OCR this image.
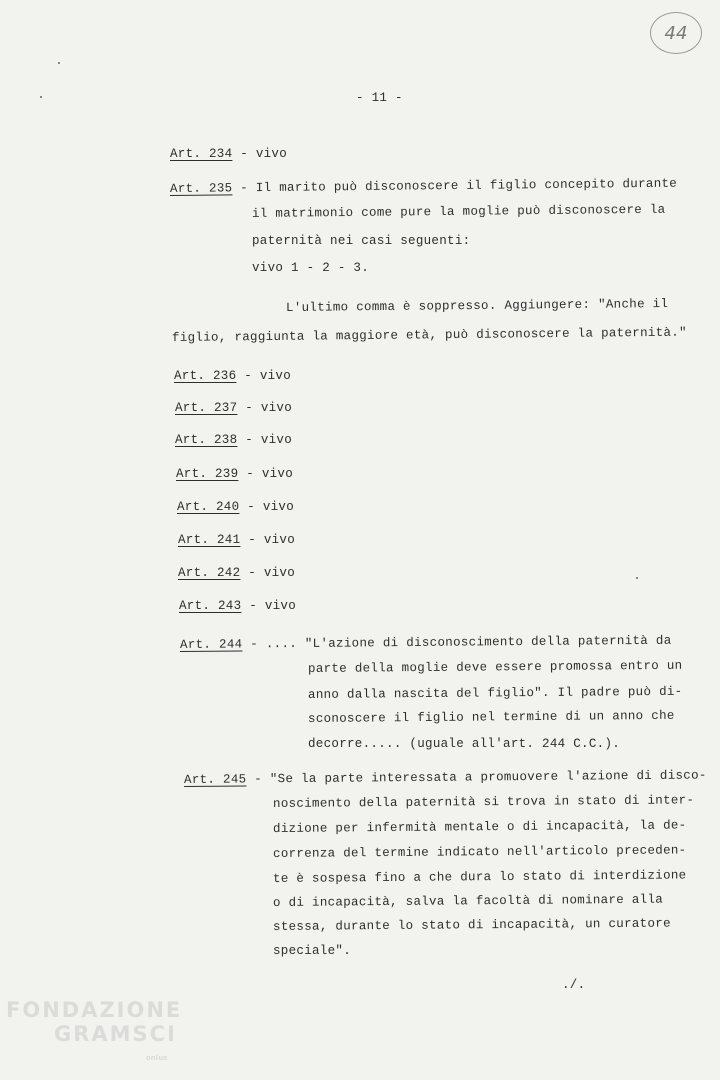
44
- 11 -
Art. 234 - vivo
Art. 235 - Il marito può disconoscere il figlio concepito durante
il matrimonio come pure la moglie può disconoscere la
paternità nei casi seguenti:
vivo 1 - 2 - 3.
L'ultimo comma è soppresso. Aggiungere: "Anche il
figlio, raggiunta la maggiore età, può disconoscere la paternità."
Art. 236 - vivo
Art. 237 - vivo
Art. 238 - vivo
Art. 239 - vivo
Art. 240 - vivo
Art. 241 - vivo
Art. 242 - vivo
Art. 243 - vivo
Art. 244 - .... "L'azione di disconoscimento della paternità da
parte della moglie deve essere promossa entro un
anno dalla nascita del figlio". Il padre può di-
sconoscere il figlio nel termine di un anno che
decorre..... (uguale all'art. 244 C.C.).
Art. 245 - "Se la parte interessata a promuovere l'azione di disco-
noscimento della paternità si trova in stato di inter-
dizione per infermità mentale o di incapacità, la de-
correnza del termine indicato nell'articolo preceden-
te è sospesa fino a che dura lo stato di interdizione
o di incapacità, salva la facoltà di nominare alla
stessa, durante lo stato di incapacità, un curatore
speciale".
./.
FONDAZIONE
GRAMSCI
onlus
